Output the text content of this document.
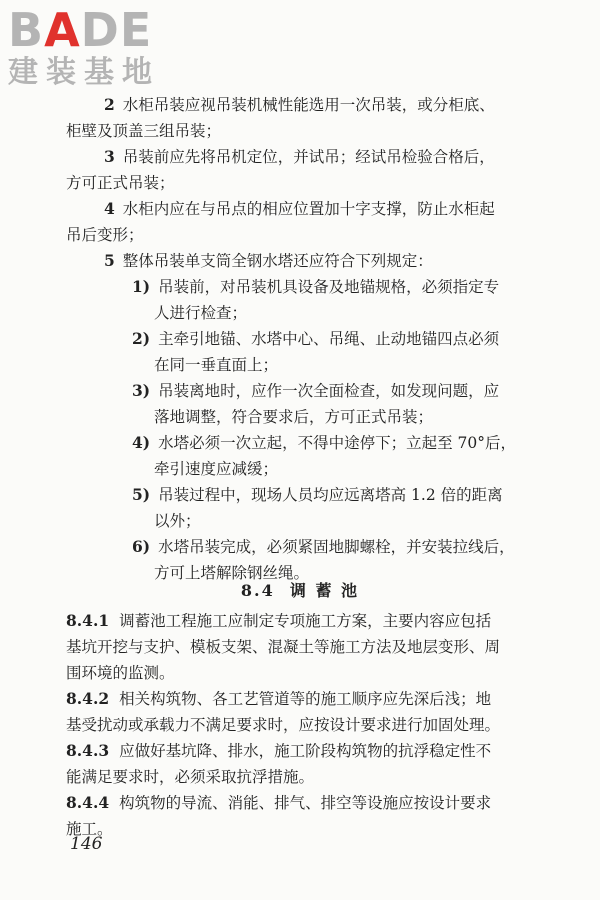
BADE
建装基地
2 水柜吊装应视吊装机械性能选用一次吊装，或分柜底、
柜壁及顶盖三组吊装；
3 吊装前应先将吊机定位，并试吊；经试吊检验合格后，
方可正式吊装；
4 水柜内应在与吊点的相应位置加十字支撑，防止水柜起
吊后变形；
5 整体吊装单支筒全钢水塔还应符合下列规定：
1) 吊装前，对吊装机具设备及地锚规格，必须指定专
人进行检查；
2) 主牵引地锚、水塔中心、吊绳、止动地锚四点必须
在同一垂直面上；
3) 吊装离地时，应作一次全面检查，如发现问题，应
落地调整，符合要求后，方可正式吊装；
4) 水塔必须一次立起，不得中途停下；立起至 70°后，
牵引速度应减缓；
5) 吊装过程中，现场人员均应远离塔高 1.2 倍的距离
以外；
6) 水塔吊装完成，必须紧固地脚螺栓，并安装拉线后，
方可上塔解除钢丝绳。
8.4 调 蓄 池
8.4.1 调蓄池工程施工应制定专项施工方案，主要内容应包括
基坑开挖与支护、模板支架、混凝土等施工方法及地层变形、周
围环境的监测。
8.4.2 相关构筑物、各工艺管道等的施工顺序应先深后浅；地
基受扰动或承载力不满足要求时，应按设计要求进行加固处理。
8.4.3 应做好基坑降、排水，施工阶段构筑物的抗浮稳定性不
能满足要求时，必须采取抗浮措施。
8.4.4 构筑物的导流、消能、排气、排空等设施应按设计要求
施工。
146
